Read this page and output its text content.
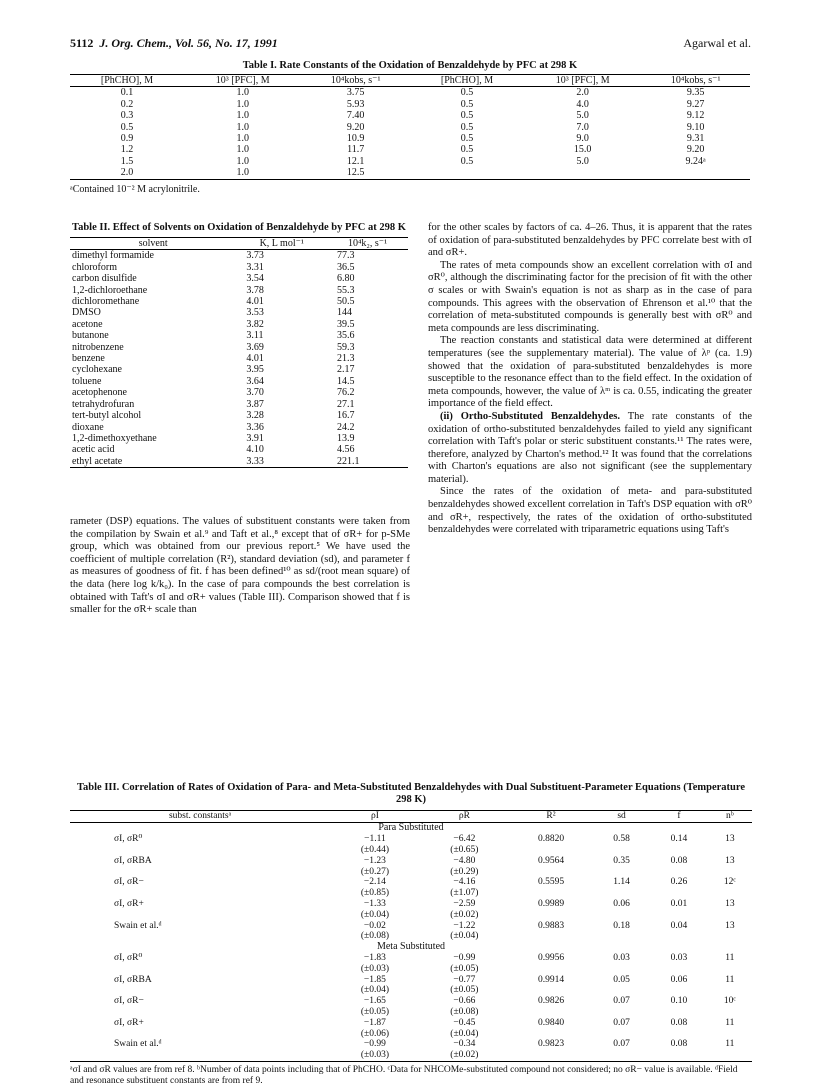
5112 J. Org. Chem., Vol. 56, No. 17, 1991	Agarwal et al.
Table I. Rate Constants of the Oxidation of Benzaldehyde by PFC at 298 K
[PhCHO], M	10³ [PFC], M	10⁴kobs, s⁻¹	[PhCHO], M	10³ [PFC], M	10⁴kobs, s⁻¹
0.1	1.0	3.75	0.5	2.0	9.35
0.2	1.0	5.93	0.5	4.0	9.27
0.3	1.0	7.40	0.5	5.0	9.12
0.5	1.0	9.20	0.5	7.0	9.10
0.9	1.0	10.9	0.5	9.0	9.31
1.2	1.0	11.7	0.5	15.0	9.20
1.5	1.0	12.1	0.5	5.0	9.24ᵃ
2.0	1.0	12.5			
ᵃContained 10⁻² M acrylonitrile.
Table II. Effect of Solvents on Oxidation of Benzaldehyde by PFC at 298 K
solvent	K, L mol⁻¹	10⁴k₂, s⁻¹
dimethyl formamide	3.73	77.3
chloroform	3.31	36.5
carbon disulfide	3.54	6.80
1,2-dichloroethane	3.78	55.3
dichloromethane	4.01	50.5
DMSO	3.53	144
acetone	3.82	39.5
butanone	3.11	35.6
nitrobenzene	3.69	59.3
benzene	4.01	21.3
cyclohexane	3.95	2.17
toluene	3.64	14.5
acetophenone	3.70	76.2
tetrahydrofuran	3.87	27.1
tert-butyl alcohol	3.28	16.7
dioxane	3.36	24.2
1,2-dimethoxyethane	3.91	13.9
acetic acid	4.10	4.56
ethyl acetate	3.33	221.1

rameter (DSP) equations. The values of substituent constants were taken from the compilation by Swain et al.⁹ and Taft et al.,⁸ except that of σR+ for p-SMe group, which was obtained from our previous report.⁵ We have used the coefficient of multiple correlation (R²), standard deviation (sd), and parameter f as measures of goodness of fit. f has been defined¹⁰ as sd/(root mean square) of the data (here log k/k₀). In the case of para compounds the best correlation is obtained with Taft's σI and σR+ values (Table III). Comparison showed that f is smaller for the σR+ scale than

for the other scales by factors of ca. 4–26. Thus, it is apparent that the rates of oxidation of para-substituted benzaldehydes by PFC correlate best with σI and σR+.

The rates of meta compounds show an excellent correlation with σI and σR⁰, although the discriminating factor for the precision of fit with the other σ scales or with Swain's equation is not as sharp as in the case of para compounds. This agrees with the observation of Ehrenson et al.¹⁰ that the correlation of meta-substituted compounds is generally best with σR⁰ and meta compounds are less discriminating.

The reaction constants and statistical data were determined at different temperatures (see the supplementary material). The value of λᵖ (ca. 1.9) showed that the oxidation of para-substituted benzaldehydes is more susceptible to the resonance effect than to the field effect. In the oxidation of meta compounds, however, the value of λᵐ is ca. 0.55, indicating the greater importance of the field effect.

(ii) Ortho-Substituted Benzaldehydes. The rate constants of the oxidation of ortho-substituted benzaldehydes failed to yield any significant correlation with Taft's polar or steric substituent constants.¹¹ The rates were, therefore, analyzed by Charton's method.¹² It was found that the correlations with Charton's equations are also not significant (see the supplementary material).

Since the rates of the oxidation of meta- and para-substituted benzaldehydes showed excellent correlation in Taft's DSP equation with σR⁰ and σR+, respectively, the rates of the oxidation of ortho-substituted benzaldehydes were correlated with triparametric equations using Taft's

Table III. Correlation of Rates of Oxidation of Para- and Meta-Substituted Benzaldehydes with Dual Substituent-Parameter Equations (Temperature 298 K)
subst. constantsᵃ	ρI	ρR	R²	sd	f	nᵇ
Para Substituted						
σI, σR⁰	−1.11	−6.42	0.8820	0.58	0.14	13
	(±0.44)	(±0.65)				
σI, σRBA	−1.23	−4.80	0.9564	0.35	0.08	13
	(±0.27)	(±0.29)				
σI, σR−	−2.14	−4.16	0.5595	1.14	0.26	12ᶜ
	(±0.85)	(±1.07)				
σI, σR+	−1.33	−2.59	0.9989	0.06	0.01	13
	(±0.04)	(±0.02)				
Swain et al.ᵈ	−0.02	−1.22	0.9883	0.18	0.04	13
	(±0.08)	(±0.04)				
Meta Substituted						
σI, σR⁰	−1.83	−0.99	0.9956	0.03	0.03	11
	(±0.03)	(±0.05)				
σI, σRBA	−1.85	−0.77	0.9914	0.05	0.06	11
	(±0.04)	(±0.05)				
σI, σR−	−1.65	−0.66	0.9826	0.07	0.10	10ᶜ
	(±0.05)	(±0.08)				
σI, σR+	−1.87	−0.45	0.9840	0.07	0.08	11
	(±0.06)	(±0.04)				
Swain et al.ᵈ	−0.99	−0.34	0.9823	0.07	0.08	11
	(±0.03)	(±0.02)				
ᵃσI and σR values are from ref 8. ᵇNumber of data points including that of PhCHO. ᶜData for NHCOMe-substituted compound not considered; no σR− value is available. ᵈField and resonance substituent constants are from ref 9.
